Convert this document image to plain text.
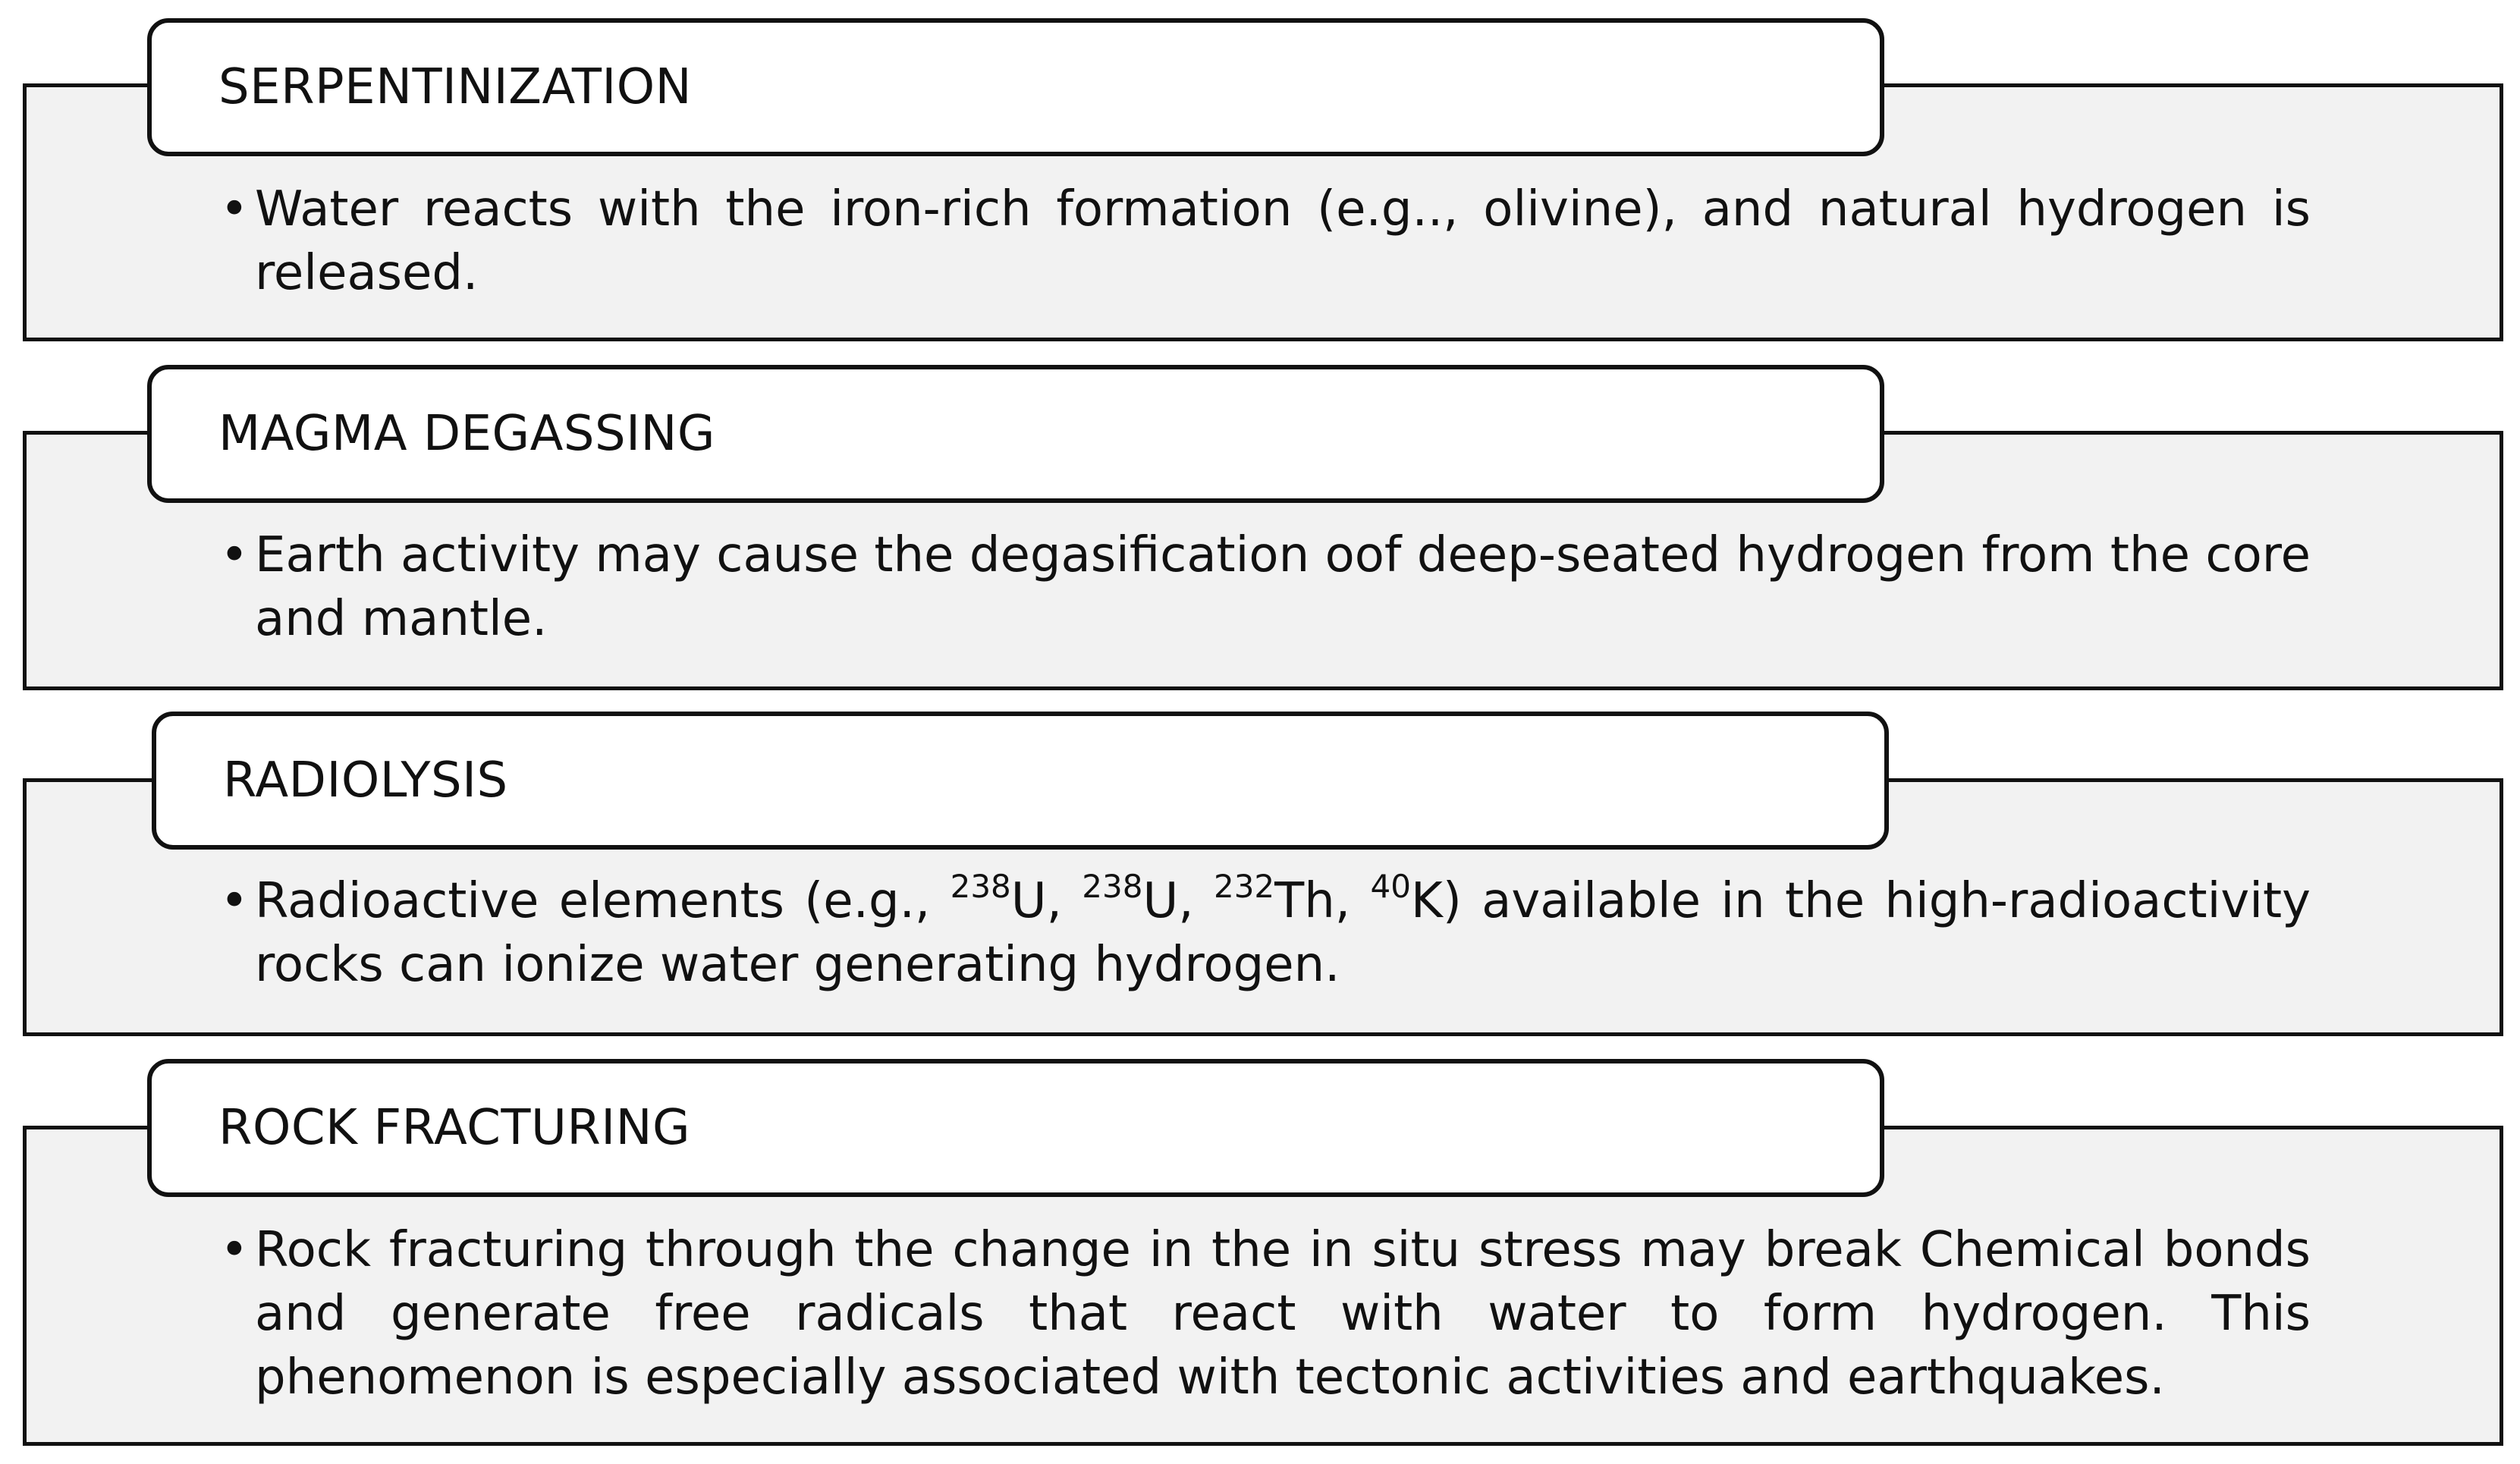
SERPENTINIZATION
• Water reacts with the iron-rich formation (e.g.., olivine), and natural hydrogen is released.
MAGMA DEGASSING
• Earth activity may cause the degasification oof deep-seated hydrogen from the core and mantle.
RADIOLYSIS
• Radioactive elements (e.g., $^{238}$U, $^{238}$U, $^{232}$Th, $^{40}$K) available in the high-radioactivity rocks can ionize water generating hydrogen.
ROCK FRACTURING
• Rock fracturing through the change in the in situ stress may break Chemical bonds and generate free radicals that react with water to form hydrogen. This phenomenon is especially associated with tectonic activities and earthquakes.
